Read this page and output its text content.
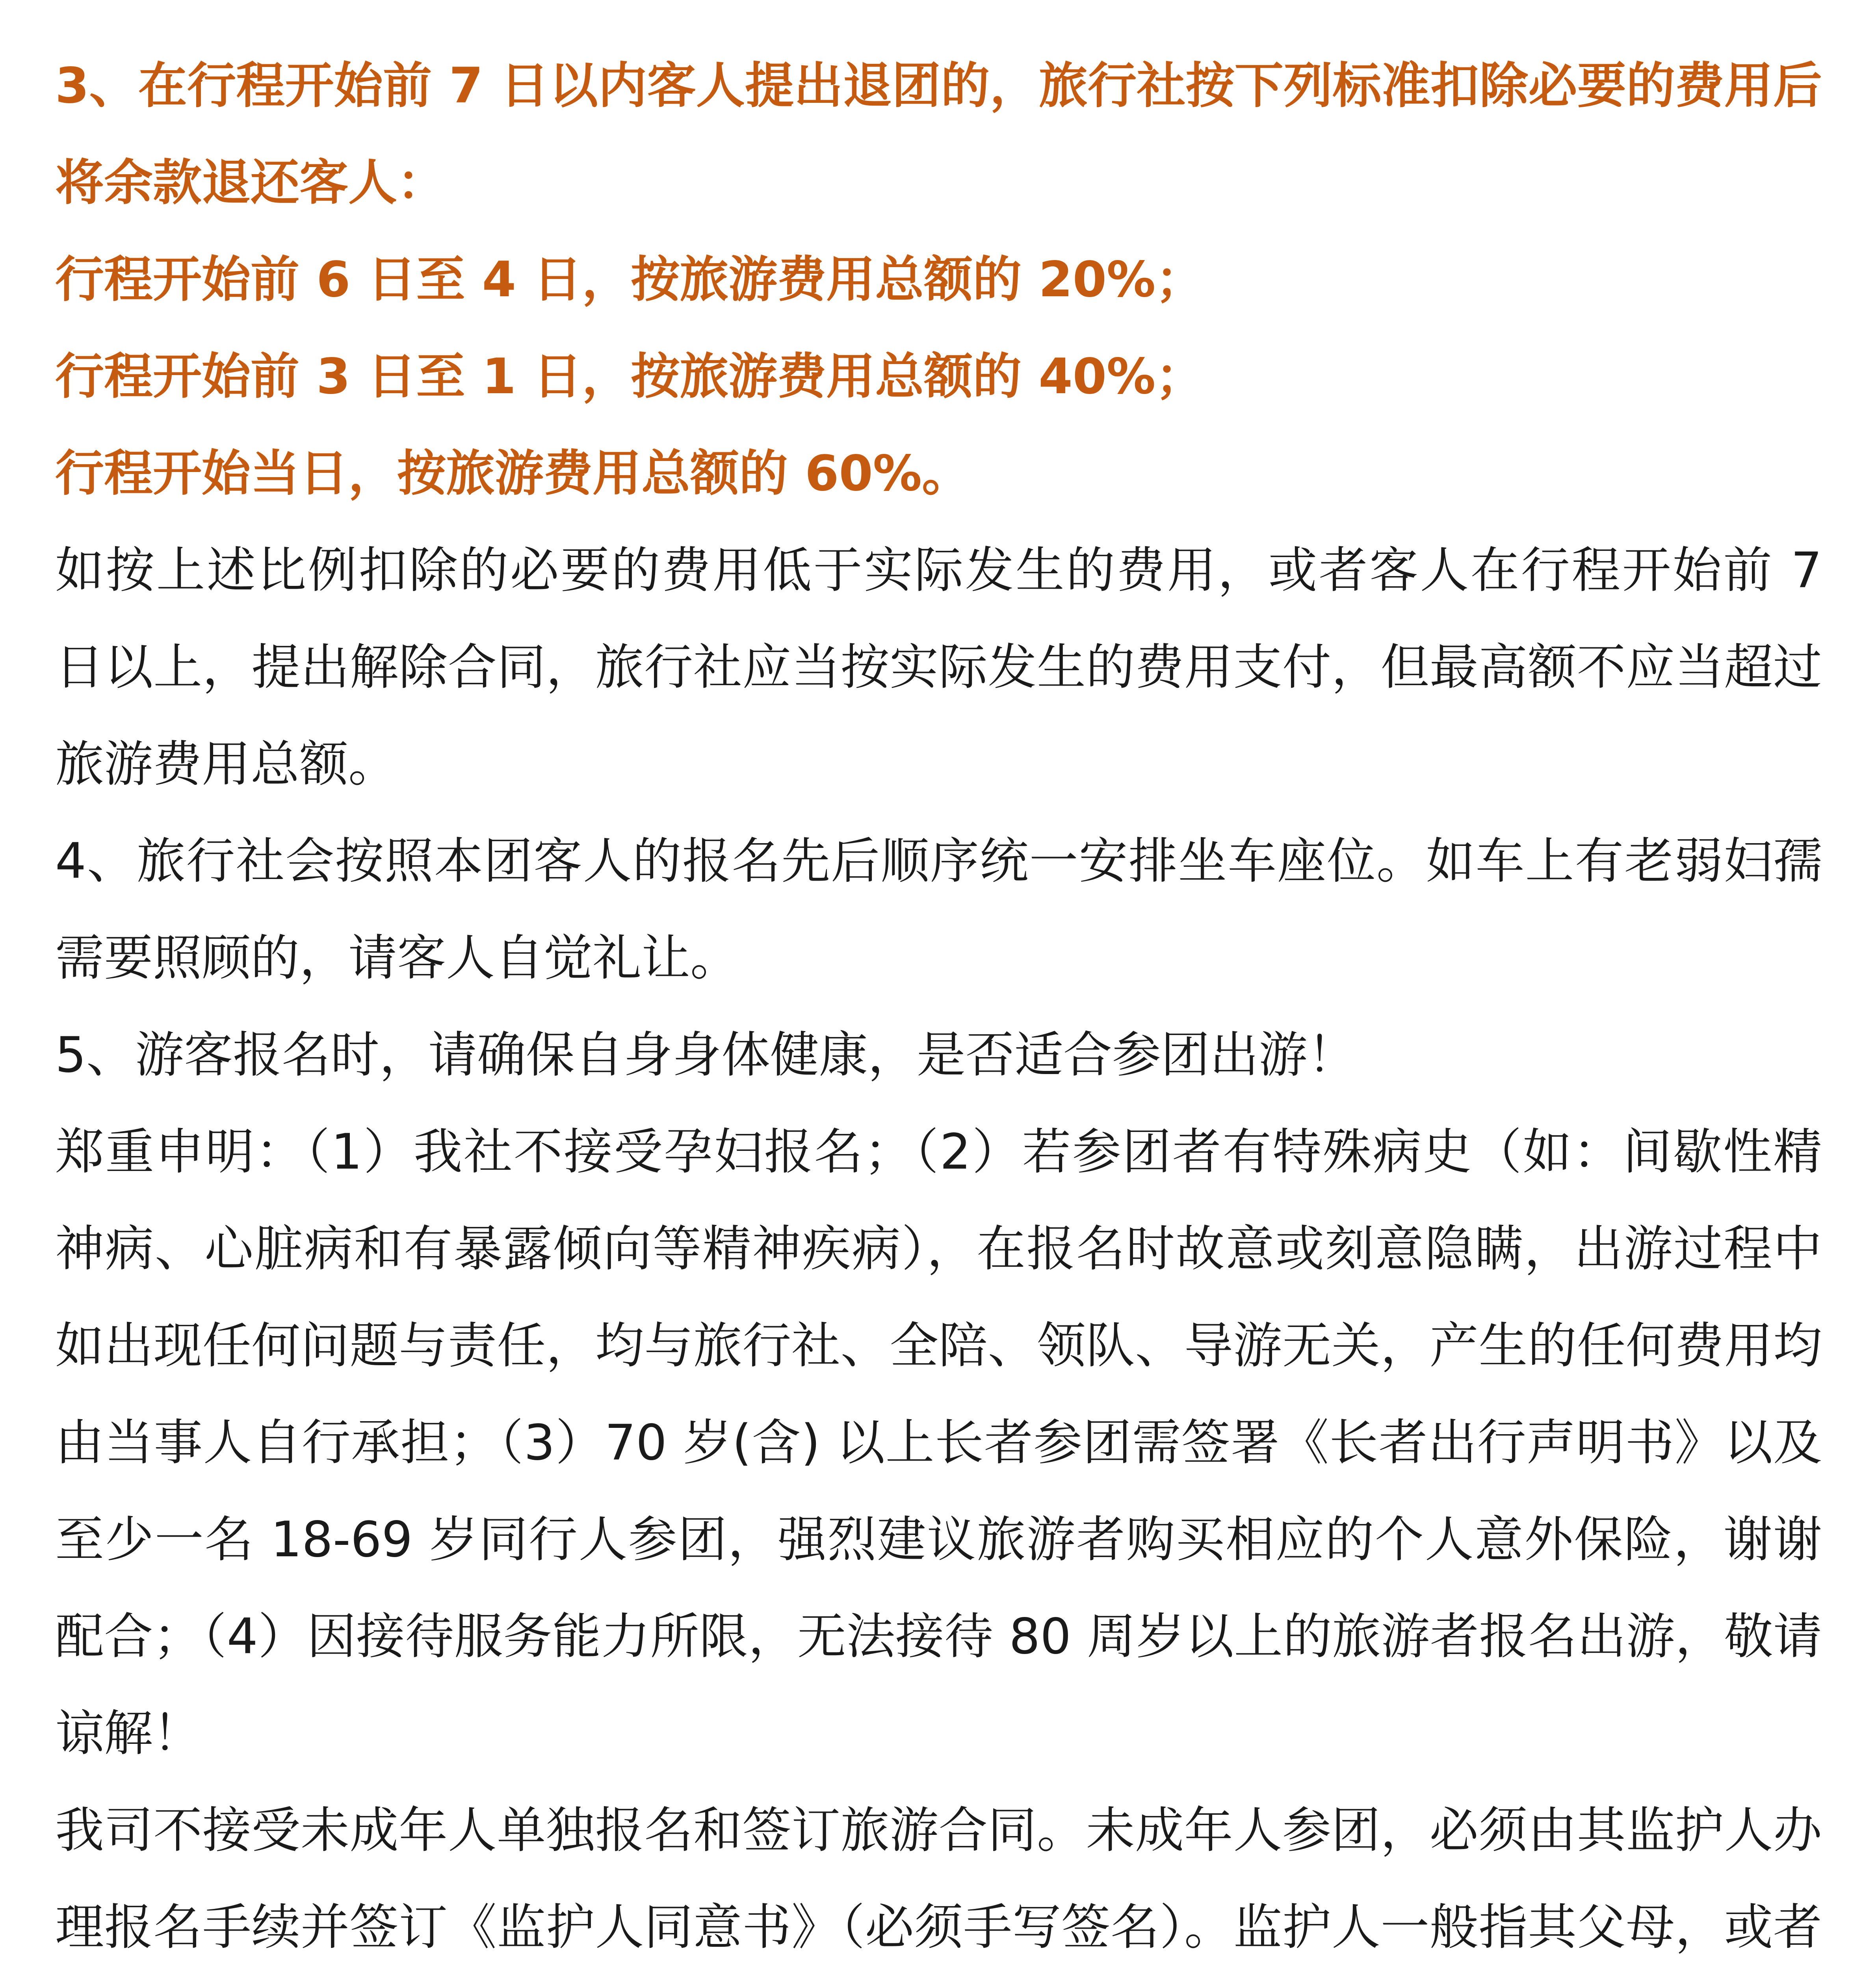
3、在行程开始前 7 日以内客人提出退团的，旅行社按下列标准扣除必要的费用后将余款退还客人：

行程开始前 6 日至 4 日，按旅游费用总额的 20%；

行程开始前 3 日至 1 日，按旅游费用总额的 40%；

行程开始当日，按旅游费用总额的 60%。

如按上述比例扣除的必要的费用低于实际发生的费用，或者客人在行程开始前 7 日以上，提出解除合同，旅行社应当按实际发生的费用支付，但最高额不应当超过旅游费用总额。

4、旅行社会按照本团客人的报名先后顺序统一安排坐车座位。如车上有老弱妇孺需要照顾的，请客人自觉礼让。

5、游客报名时，请确保自身身体健康，是否适合参团出游！

郑重申明：（1）我社不接受孕妇报名；（2）若参团者有特殊病史（如：间歇性精神病、心脏病和有暴露倾向等精神疾病），在报名时故意或刻意隐瞒，出游过程中如出现任何问题与责任，均与旅行社、全陪、领队、导游无关，产生的任何费用均由当事人自行承担；（3）70 岁(含) 以上长者参团需签署《长者出行声明书》以及至少一名 18-69 岁同行人参团，强烈建议旅游者购买相应的个人意外保险，谢谢配合；（4）因接待服务能力所限，无法接待 80 周岁以上的旅游者报名出游，敬请谅解！

我司不接受未成年人单独报名和签订旅游合同。未成年人参团，必须由其监护人办理报名手续并签订《监护人同意书》（必须手写签名）。监护人一般指其父母，或者
